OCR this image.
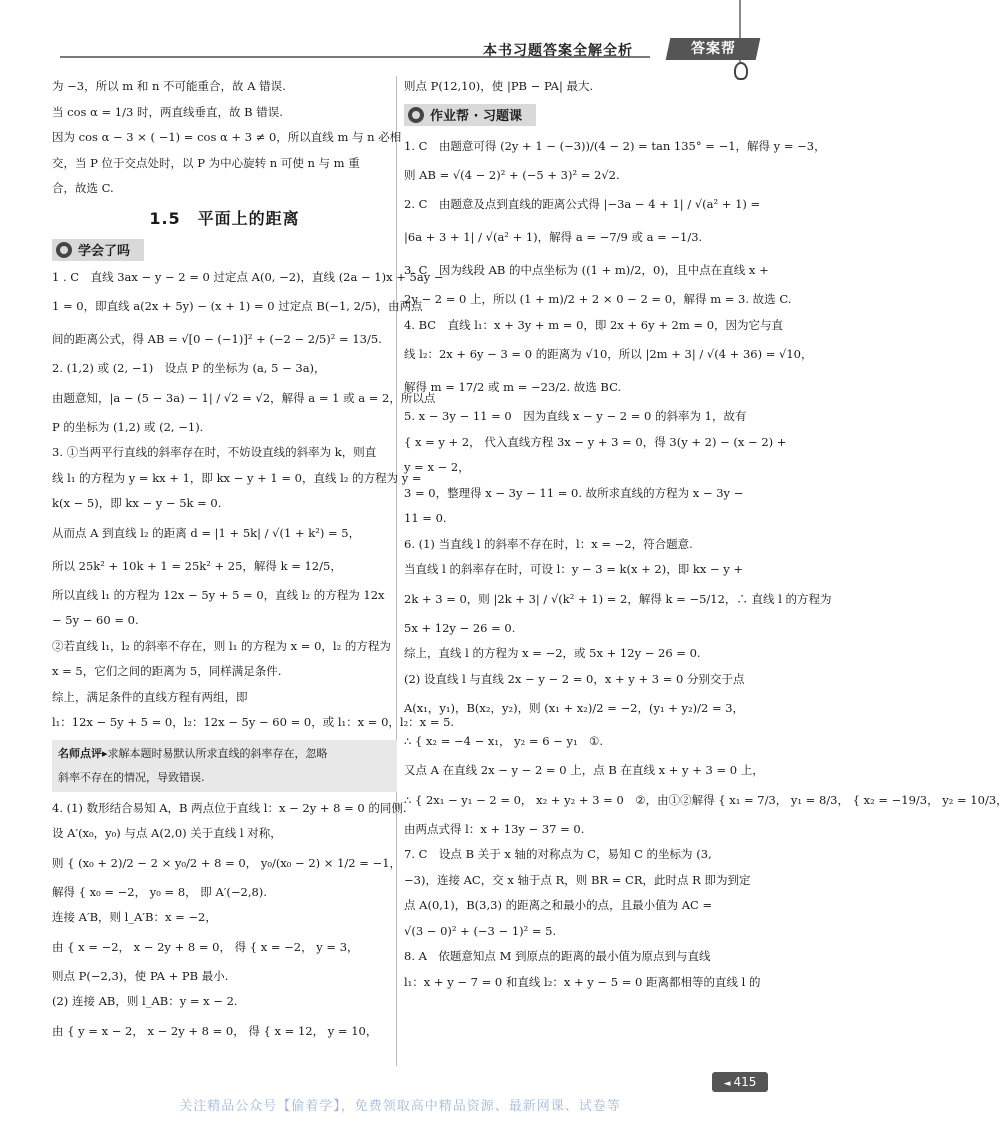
本书习题答案全解全析	答案帮
为 −3，所以 m 和 n 不可能重合，故 A 错误.
当 cos α = 1/3 时，两直线垂直，故 B 错误.
因为 cos α − 3 × ( −1) = cos α + 3 ≠ 0，所以直线 m 与 n 必相
交，当 P 位于交点处时，以 P 为中心旋转 n 可使 n 与 m 重
合，故选 C.
1.5　平面上的距离
学会了吗
1 . C　直线 3ax − y − 2 = 0 过定点 A(0, −2)，直线 (2a − 1)x + 5ay −
1 = 0，即直线 a(2x + 5y) − (x + 1) = 0 过定点 B(−1, 2/5)，由两点
间的距离公式，得 AB = √[0 − (−1)]² + (−2 − 2/5)² = 13/5.
2. (1,2) 或 (2, −1)　设点 P 的坐标为 (a, 5 − 3a)，
由题意知，|a − (5 − 3a) − 1| / √2 = √2，解得 a = 1 或 a = 2，所以点
P 的坐标为 (1,2) 或 (2, −1).
3. ①当两平行直线的斜率存在时，不妨设直线的斜率为 k，则直
线 l₁ 的方程为 y = kx + 1，即 kx − y + 1 = 0，直线 l₂ 的方程为 y =
k(x − 5)，即 kx − y − 5k = 0.
从而点 A 到直线 l₂ 的距离 d = |1 + 5k| / √(1 + k²) = 5，
所以 25k² + 10k + 1 = 25k² + 25，解得 k = 12/5，
所以直线 l₁ 的方程为 12x − 5y + 5 = 0，直线 l₂ 的方程为 12x
− 5y − 60 = 0.
②若直线 l₁，l₂ 的斜率不存在，则 l₁ 的方程为 x = 0，l₂ 的方程为
x = 5，它们之间的距离为 5，同样满足条件.
综上，满足条件的直线方程有两组，即
l₁：12x − 5y + 5 = 0，l₂：12x − 5y − 60 = 0，或 l₁：x = 0，l₂：x = 5.
名师点评▸求解本题时易默认所求直线的斜率存在，忽略
斜率不存在的情况，导致错误.
4. (1) 数形结合易知 A，B 两点位于直线 l：x − 2y + 8 = 0 的同侧.
设 A′(x₀，y₀) 与点 A(2,0) 关于直线 l 对称，
则 { (x₀ + 2)/2 − 2 × y₀/2 + 8 = 0， y₀/(x₀ − 2) × 1/2 = −1，
解得 { x₀ = −2， y₀ = 8， 即 A′(−2,8).
连接 A′B，则 l_A′B：x = −2，
由 { x = −2， x − 2y + 8 = 0， 得 { x = −2， y = 3，
则点 P(−2,3)，使 PA + PB 最小.
(2) 连接 AB，则 l_AB：y = x − 2.
由 { y = x − 2， x − 2y + 8 = 0， 得 { x = 12， y = 10，
则点 P(12,10)，使 |PB − PA| 最大.
作业帮 · 习题课
1. C　由题意可得 (2y + 1 − (−3))/(4 − 2) = tan 135° = −1，解得 y = −3，
则 AB = √(4 − 2)² + (−5 + 3)² = 2√2.
2. C　由题意及点到直线的距离公式得 |−3a − 4 + 1| / √(a² + 1) =
|6a + 3 + 1| / √(a² + 1)，解得 a = −7/9 或 a = −1/3.
3. C　因为线段 AB 的中点坐标为 ((1 + m)/2，0)，且中点在直线 x +
2y − 2 = 0 上，所以 (1 + m)/2 + 2 × 0 − 2 = 0，解得 m = 3. 故选 C.
4. BC　直线 l₁：x + 3y + m = 0，即 2x + 6y + 2m = 0，因为它与直
线 l₂：2x + 6y − 3 = 0 的距离为 √10，所以 |2m + 3| / √(4 + 36) = √10，
解得 m = 17/2 或 m = −23/2. 故选 BC.
5. x − 3y − 11 = 0　因为直线 x − y − 2 = 0 的斜率为 1，故有
{ x = y + 2， 代入直线方程 3x − y + 3 = 0，得 3(y + 2) − (x − 2) +
y = x − 2，
3 = 0，整理得 x − 3y − 11 = 0. 故所求直线的方程为 x − 3y −
11 = 0.
6. (1) 当直线 l 的斜率不存在时，l：x = −2，符合题意.
当直线 l 的斜率存在时，可设 l：y − 3 = k(x + 2)，即 kx − y +
2k + 3 = 0，则 |2k + 3| / √(k² + 1) = 2，解得 k = −5/12，∴ 直线 l 的方程为
5x + 12y − 26 = 0.
综上，直线 l 的方程为 x = −2，或 5x + 12y − 26 = 0.
(2) 设直线 l 与直线 2x − y − 2 = 0，x + y + 3 = 0 分别交于点
A(x₁，y₁)，B(x₂，y₂)，则 (x₁ + x₂)/2 = −2，(y₁ + y₂)/2 = 3，
∴ { x₂ = −4 − x₁， y₂ = 6 − y₁　①.
又点 A 在直线 2x − y − 2 = 0 上，点 B 在直线 x + y + 3 = 0 上，
∴ { 2x₁ − y₁ − 2 = 0， x₂ + y₂ + 3 = 0　②，由①②解得 { x₁ = 7/3， y₁ = 8/3， { x₂ = −19/3， y₂ = 10/3，
由两点式得 l：x + 13y − 37 = 0.
7. C　设点 B 关于 x 轴的对称点为 C，易知 C 的坐标为 (3,
−3)，连接 AC，交 x 轴于点 R，则 BR = CR，此时点 R 即为到定
点 A(0,1)，B(3,3) 的距离之和最小的点，且最小值为 AC =
√(3 − 0)² + (−3 − 1)² = 5.
8. A　依题意知点 M 到原点的距离的最小值为原点到与直线
l₁：x + y − 7 = 0 和直线 l₂：x + y − 5 = 0 距离都相等的直线 l 的
◄ 415
关注精品公众号【偷着学】，免费领取高中精品资源、最新网课、试卷等
